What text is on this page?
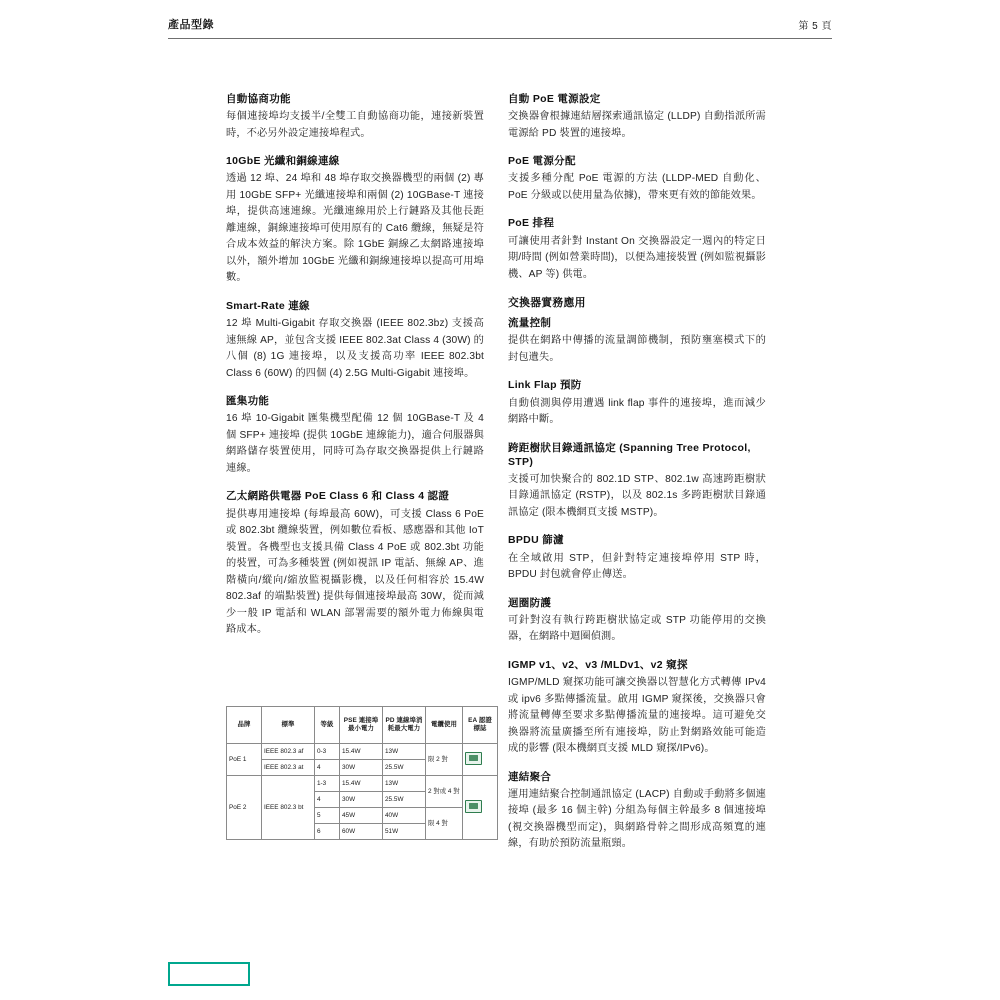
產品型錄	第 5 頁
自動協商功能
每個連接埠均支援半/全雙工自動協商功能，連接新裝置時，不必另外設定連接埠程式。
10GbE 光纖和銅線連線
透過 12 埠、24 埠和 48 埠存取交換器機型的兩個 (2) 專用 10GbE SFP+ 光纖連接埠和兩個 (2) 10GBase-T 連接埠，提供高速連線。光纖連線用於上行鏈路及其他長距離連線，銅線連接埠可使用原有的 Cat6 纜線，無疑是符合成本效益的解決方案。除 1GbE 銅線乙太網路連接埠以外，額外增加 10GbE 光纖和銅線連接埠以提高可用埠數。
Smart-Rate 連線
12 埠 Multi-Gigabit 存取交換器 (IEEE 802.3bz) 支援高速無線 AP，並包含支援 IEEE 802.3at Class 4 (30W) 的八個 (8) 1G 連接埠，以及支援高功率 IEEE 802.3bt Class 6 (60W) 的四個 (4) 2.5G Multi-Gigabit 連接埠。
匯集功能
16 埠 10-Gigabit 匯集機型配備 12 個 10GBase-T 及 4 個 SFP+ 連接埠 (提供 10GbE 連線能力)，適合伺服器與網路儲存裝置使用，同時可為存取交換器提供上行鏈路連線。
乙太網路供電器 PoE Class 6 和 Class 4 認證
提供專用連接埠 (每埠最高 60W)，可支援 Class 6 PoE 或 802.3bt 纜線裝置，例如數位看板、感應器和其他 IoT 裝置。各機型也支援具備 Class 4 PoE 或 802.3bt 功能的裝置，可為多種裝置 (例如視訊 IP 電話、無線 AP、進階橫向/縱向/縮放監視攝影機，以及任何相容於 15.4W 802.3af 的端點裝置) 提供每個連接埠最高 30W，從而減少一般 IP 電話和 WLAN 部署需要的額外電力佈線與電路成本。
自動 PoE 電源設定
交換器會根據連結層探索通訊協定 (LLDP) 自動指派所需電源給 PD 裝置的連接埠。
PoE 電源分配
支援多種分配 PoE 電源的方法 (LLDP-MED 自動化、PoE 分級或以使用量為依據)，帶來更有效的節能效果。
PoE 排程
可讓使用者針對 Instant On 交換器設定一週內的特定日期/時間 (例如營業時間)，以便為連接裝置 (例如監視攝影機、AP 等) 供電。
交換器實務應用
流量控制
提供在網路中傳播的流量調節機制，預防壅塞模式下的封包遺失。
Link Flap 預防
自動偵測與停用遭遇 link flap 事件的連接埠，進而減少網路中斷。
跨距樹狀目錄通訊協定 (Spanning Tree Protocol, STP)
支援可加快聚合的 802.1D STP、802.1w 高速跨距樹狀目錄通訊協定 (RSTP)，以及 802.1s 多跨距樹狀目錄通訊協定 (限本機網頁支援 MSTP)。
BPDU 篩濾
在全域啟用 STP，但針對特定連接埠停用 STP 時，BPDU 封包就會停止傳送。
迴圈防護
可針對沒有執行跨距樹狀協定或 STP 功能停用的交換器，在網路中迴圈偵測。
IGMP v1、v2、v3 /MLDv1、v2 窺探
IGMP/MLD 窺探功能可讓交換器以智慧化方式轉傳 IPv4 或 ipv6 多點傳播流量。啟用 IGMP 窺探後，交換器只會將流量轉傳至要求多點傳播流量的連接埠。這可避免交換器將流量廣播至所有連接埠，防止對網路效能可能造成的影響 (限本機網頁支援 MLD 窺探/IPv6)。
連結聚合
運用連結聚合控制通訊協定 (LACP) 自動或手動將多個連接埠 (最多 16 個主幹) 分組為每個主幹最多 8 個連接埠 (視交換器機型而定)，與網路骨幹之間形成高頻寬的連線，有助於預防流量瓶頸。
品牌	標準	等級	PSE 連接埠最小電力	PD 連線埠消耗最大電力	電纜使用	EA 認證標誌
PoE 1	IEEE 802.3 af	0-3	15.4W	13W	限 2 對	
	IEEE 802.3 at	4	30W	25.5W		
PoE 2	IEEE 802.3 bt	1-3	15.4W	13W	2 對或 4 對	
		4	30W	25.5W		
		5	45W	40W	限 4 對	
		6	60W	51W		
